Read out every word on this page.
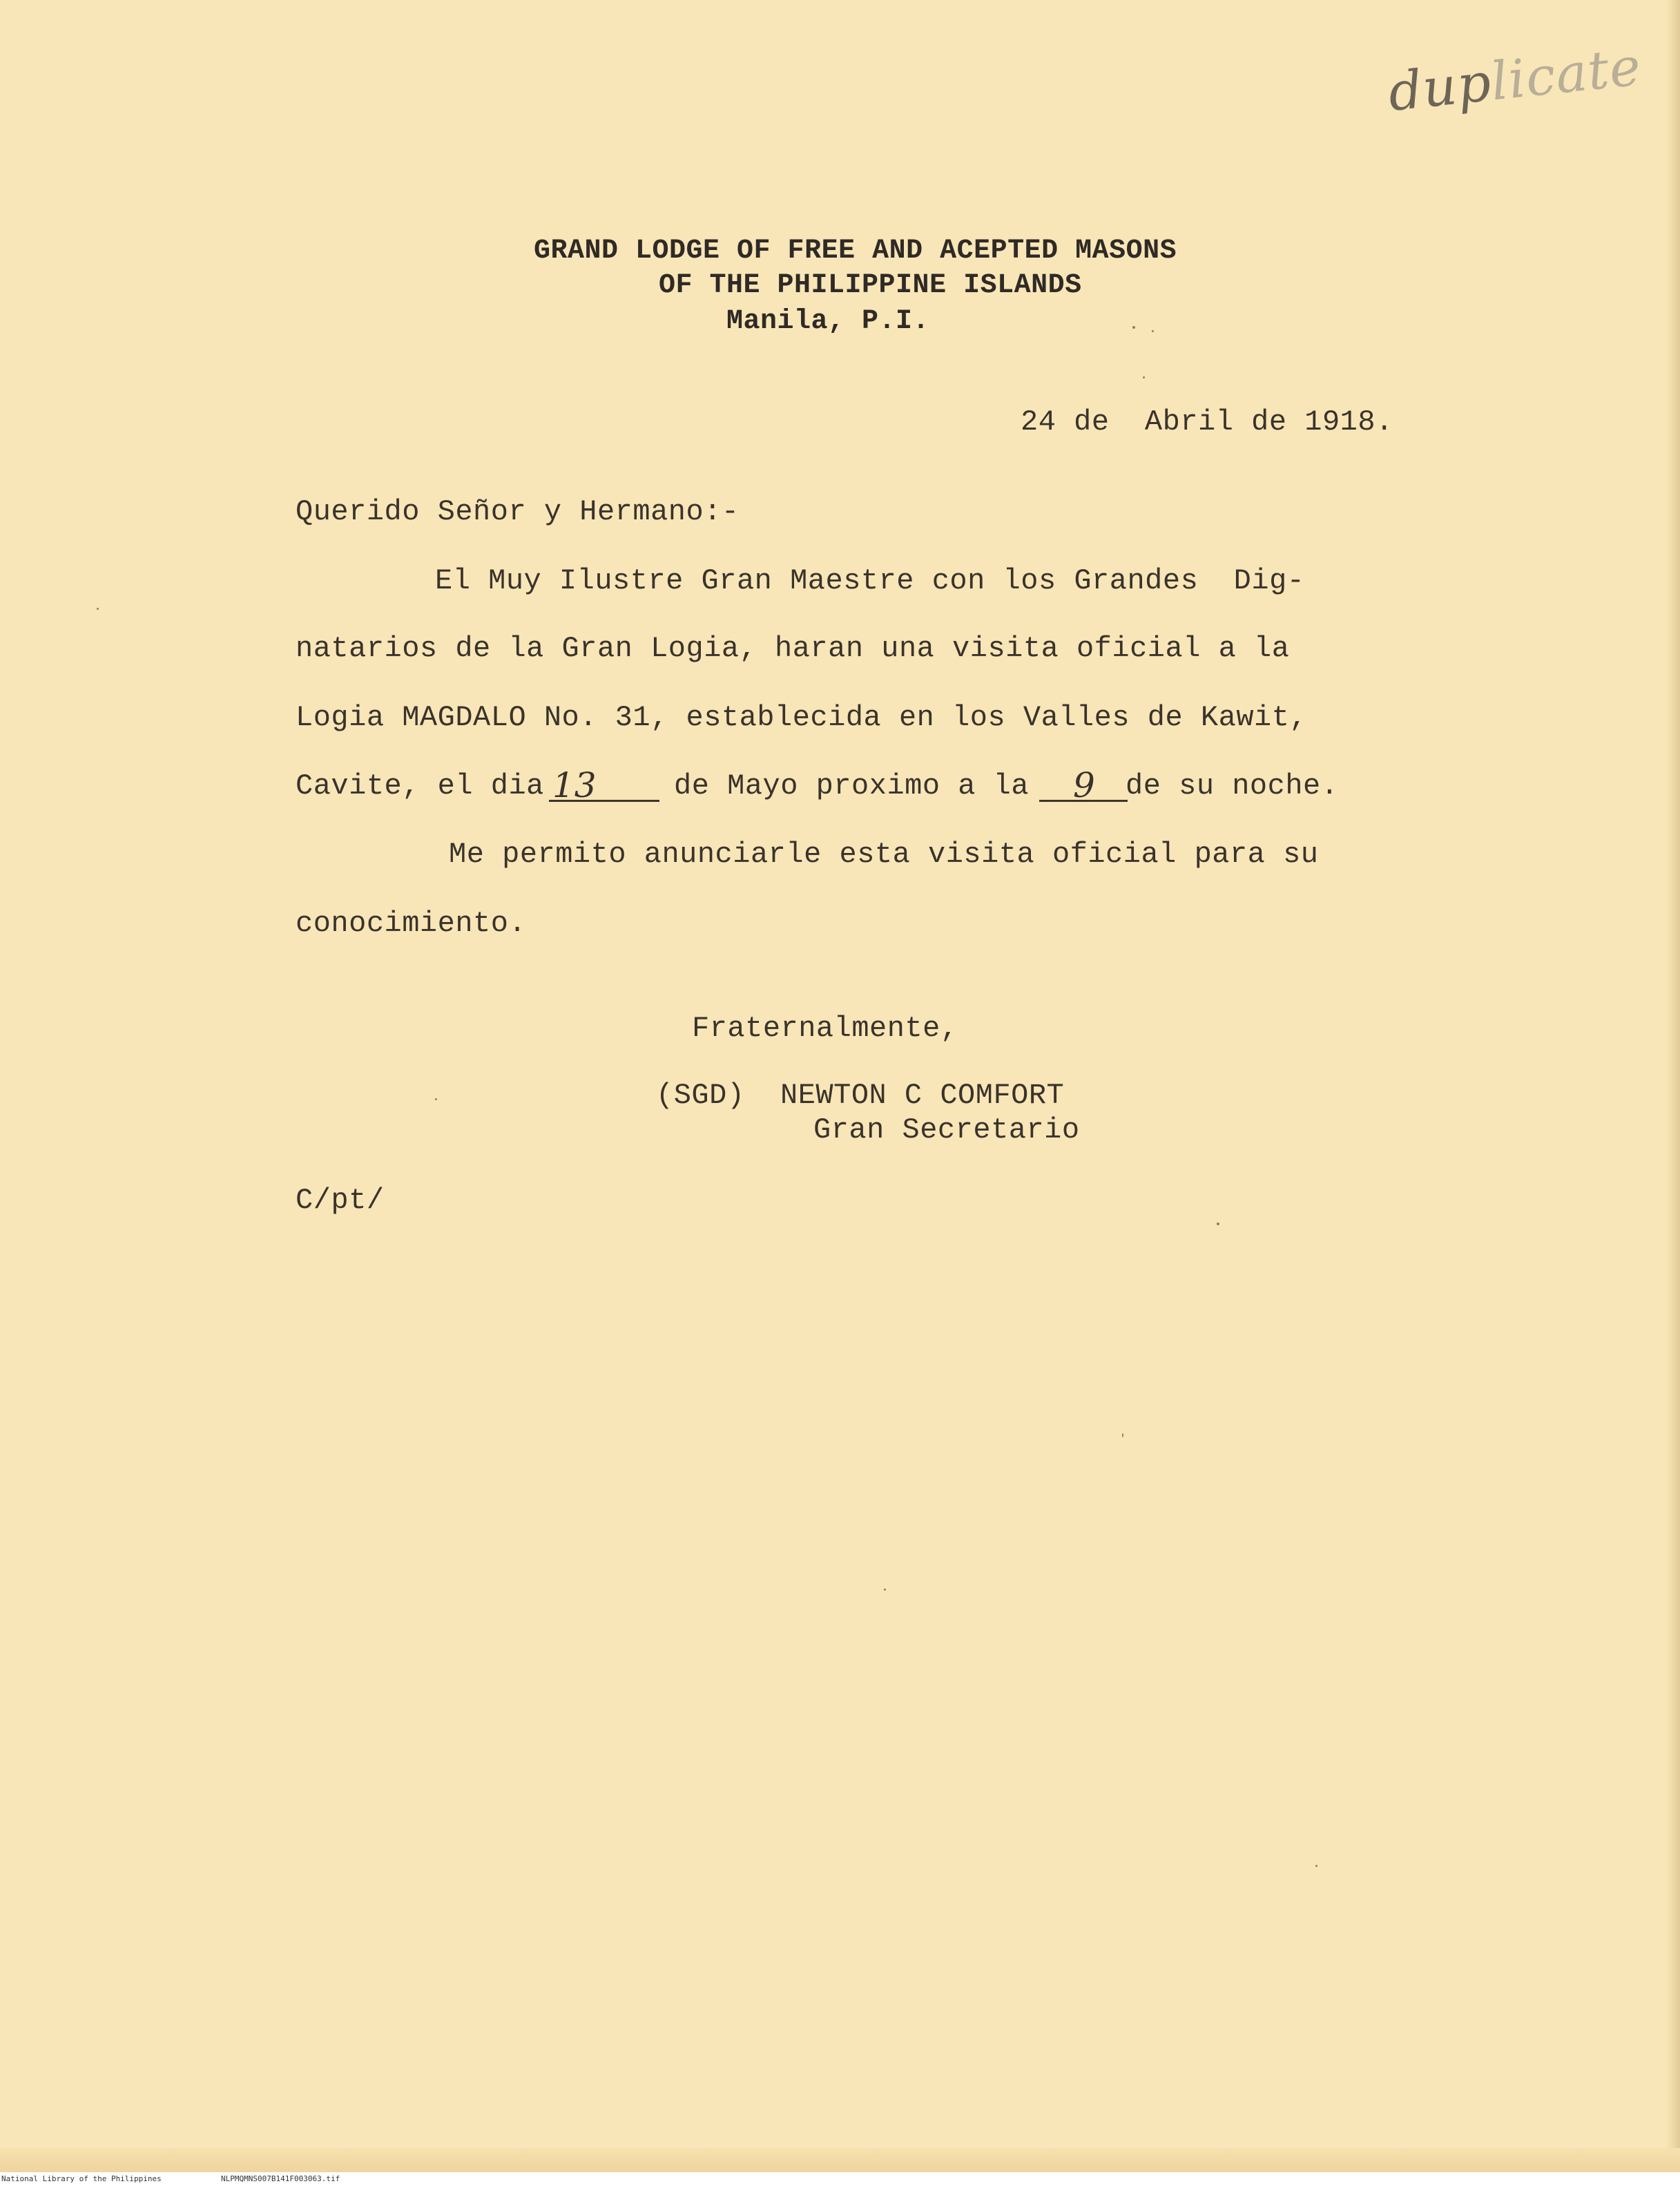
duplicate
GRAND LODGE OF FREE AND ACEPTED MASONS
OF THE PHILIPPINE ISLANDS
Manila, P.I.
24 de  Abril de 1918.
Querido Señor y Hermano:-
El Muy Ilustre Gran Maestre con los Grandes  Dig-
natarios de la Gran Logia, haran una visita oficial a la
Logia MAGDALO No. 31, establecida en los Valles de Kawit,
Cavite, el dia 13	de Mayo proximo a la 9 de su noche.
Me permito anunciarle esta visita oficial para su
conocimiento.
Fraternalmente,
(SGD) NEWTON C COMFORT
Gran Secretario
C/pt/
National Library of the Philippines	NLPMQMNS007B141F003063.tif
